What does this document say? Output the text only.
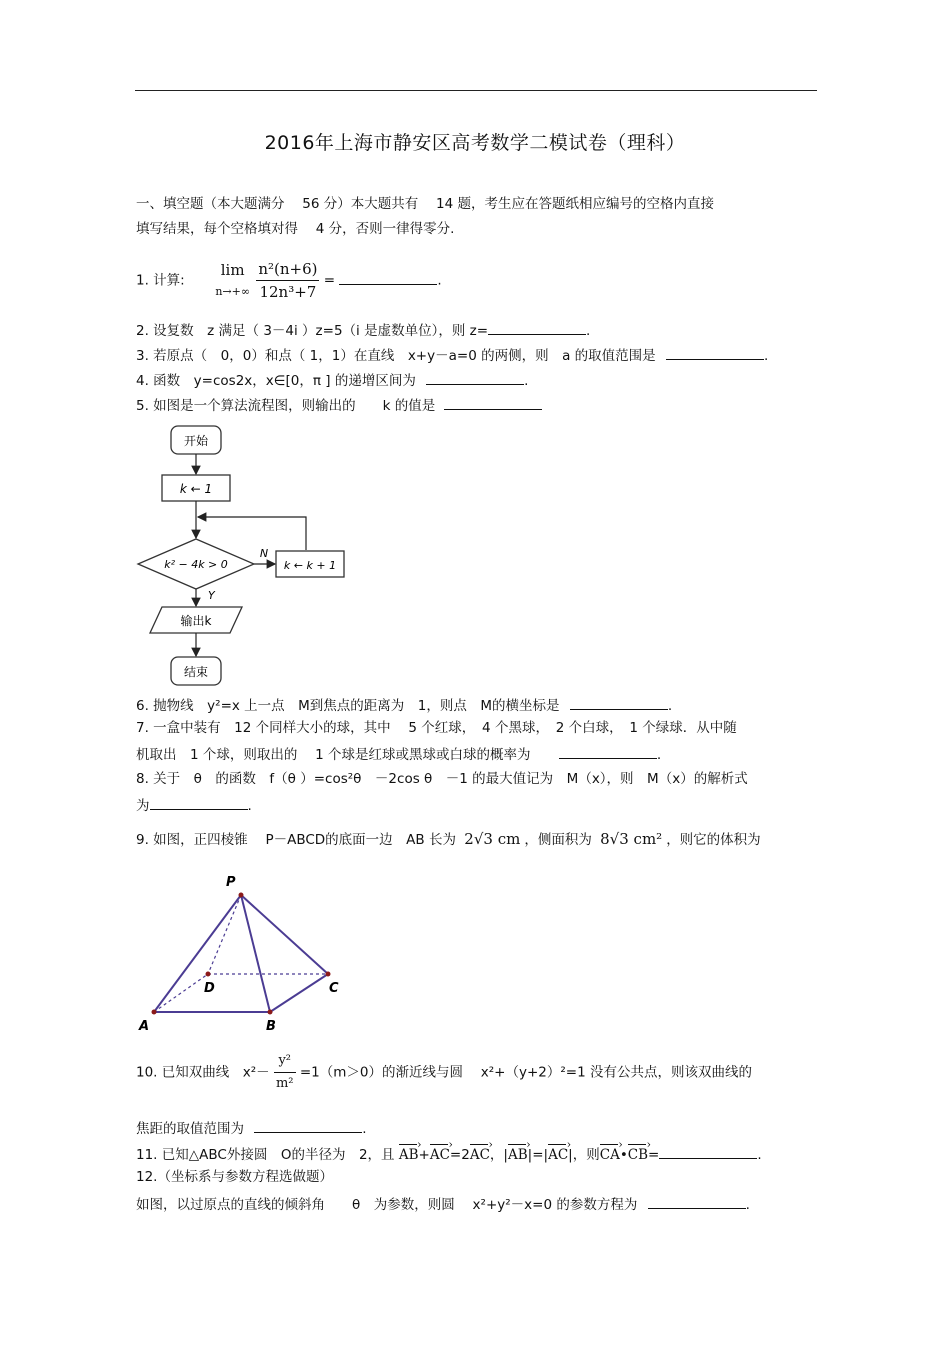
2016年上海市静安区高考数学二模试卷（理科）
一、填空题（本大题满分　 56 分）本大题共有　 14 题，考生应在答题纸相应编号的空格内直接
填写结果，每个空格填对得　 4 分，否则一律得零分.
1. 计算:
lim
n→+∞
$\frac{\text{n²(n+6)}}{\text{12n³+7}}$ =	.
2. 设复数　z 满足（ 3－4i ）z=5（i 是虚数单位），则 z=	.
3. 若原点（　0，0）和点（ 1，1）在直线　x+y－a=0 的两侧，则　a 的取值范围是	.
4. 函数　y=cos2x，x∈[0，π ] 的递增区间为	.
5. 如图是一个算法流程图，则输出的　　k 的值是
开始
k ← 1
k² − 4k > 0
N
k ← k + 1
Y
输出k
结束
6. 抛物线　y²=x 上一点　M到焦点的距离为　1，则点　M的横坐标是	.
7. 一盒中装有　12 个同样大小的球，其中　 5 个红球，　4 个黑球，　2 个白球，　1 个绿球．从中随
机取出　1 个球，则取出的　 1 个球是红球或黑球或白球的概率为	.
8. 关于　θ　的函数　f（θ ）=cos²θ　－2cos θ　－1 的最大值记为　M（x），则　M（x）的解析式
为	.
9. 如图，正四棱锥　 P－ABCD的底面一边　AB 长为 2√3 cm ，侧面积为 8√3 cm² ，则它的体积为
P
A	B
C
D
10. 已知双曲线　$x^2- \frac{\text{y²}}{\text{m²}} =1(m>0)$的渐近线与圆　 x²+（y+2）²=1 没有公共点，则该双曲线的
焦距的取值范围为	.
11. 已知△ABC外接圆　O的半径为　2，且 AB ›+AC ›=2AC ›，|AB ›|=|AC ›|，则CA ›•CB ›=	.
12.（坐标系与参数方程选做题）
如图，以过原点的直线的倾斜角　　θ　为参数，则圆　 x²+y²－x=0 的参数方程为	.
